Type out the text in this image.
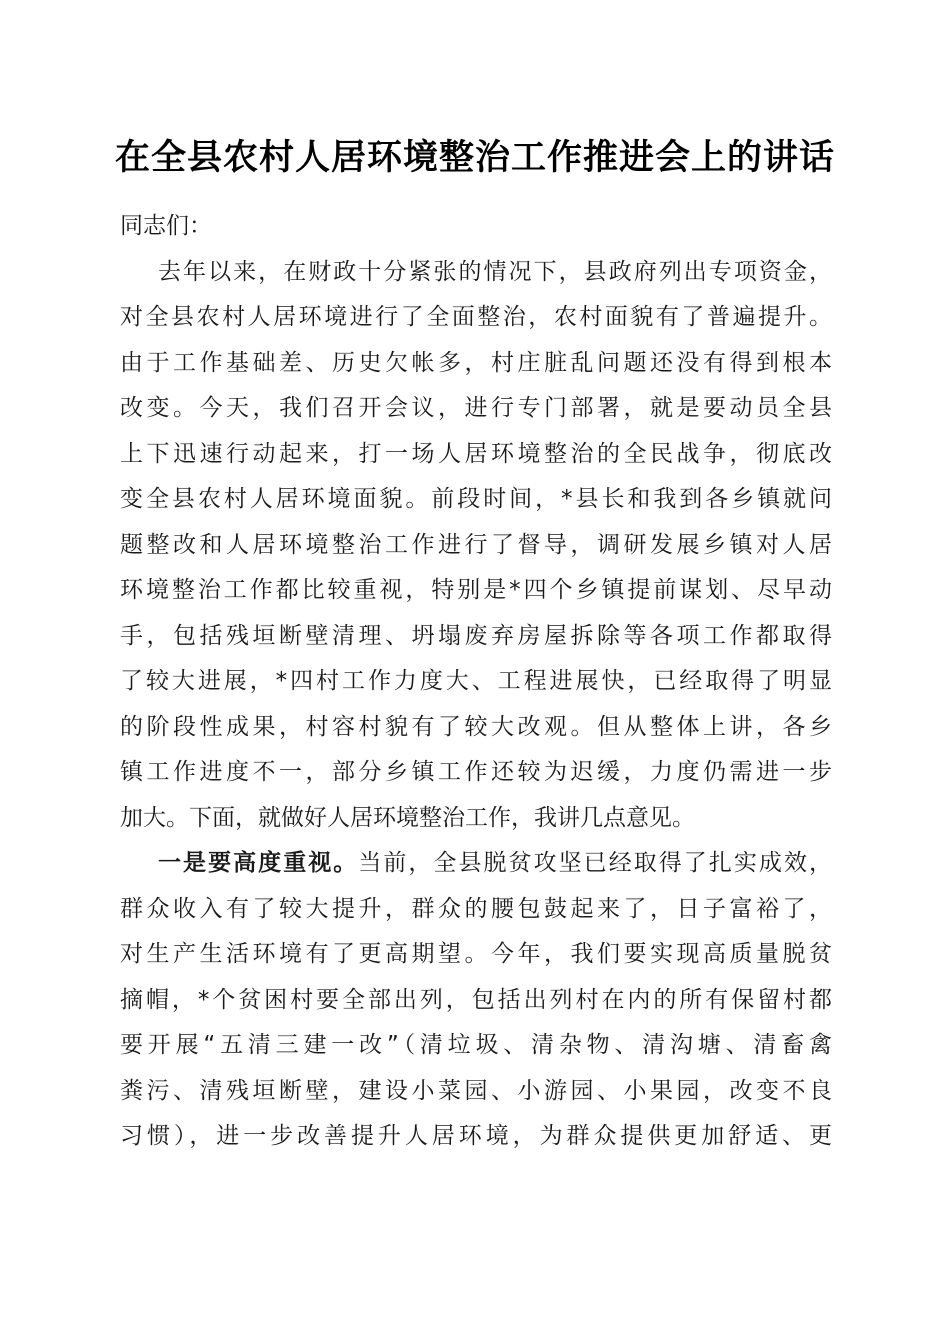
在全县农村人居环境整治工作推进会上的讲话
同志们：
去年以来，在财政十分紧张的情况下，县政府列出专项资金，
对全县农村人居环境进行了全面整治，农村面貌有了普遍提升。
由于工作基础差、历史欠帐多，村庄脏乱问题还没有得到根本
改变。今天，我们召开会议，进行专门部署，就是要动员全县
上下迅速行动起来，打一场人居环境整治的全民战争，彻底改
变全县农村人居环境面貌。前段时间，*县长和我到各乡镇就问
题整改和人居环境整治工作进行了督导，调研发展乡镇对人居
环境整治工作都比较重视，特别是*四个乡镇提前谋划、尽早动
手，包括残垣断壁清理、坍塌废弃房屋拆除等各项工作都取得
了较大进展，*四村工作力度大、工程进展快，已经取得了明显
的阶段性成果，村容村貌有了较大改观。但从整体上讲，各乡
镇工作进度不一，部分乡镇工作还较为迟缓，力度仍需进一步
加大。下面，就做好人居环境整治工作，我讲几点意见。
一是要高度重视。当前，全县脱贫攻坚已经取得了扎实成效，
群众收入有了较大提升，群众的腰包鼓起来了，日子富裕了，
对生产生活环境有了更高期望。今年，我们要实现高质量脱贫
摘帽，*个贫困村要全部出列，包括出列村在内的所有保留村都
要开展“五清三建一改”（清垃圾、清杂物、清沟塘、清畜禽
粪污、清残垣断壁，建设小菜园、小游园、小果园，改变不良
习惯），进一步改善提升人居环境，为群众提供更加舒适、更
